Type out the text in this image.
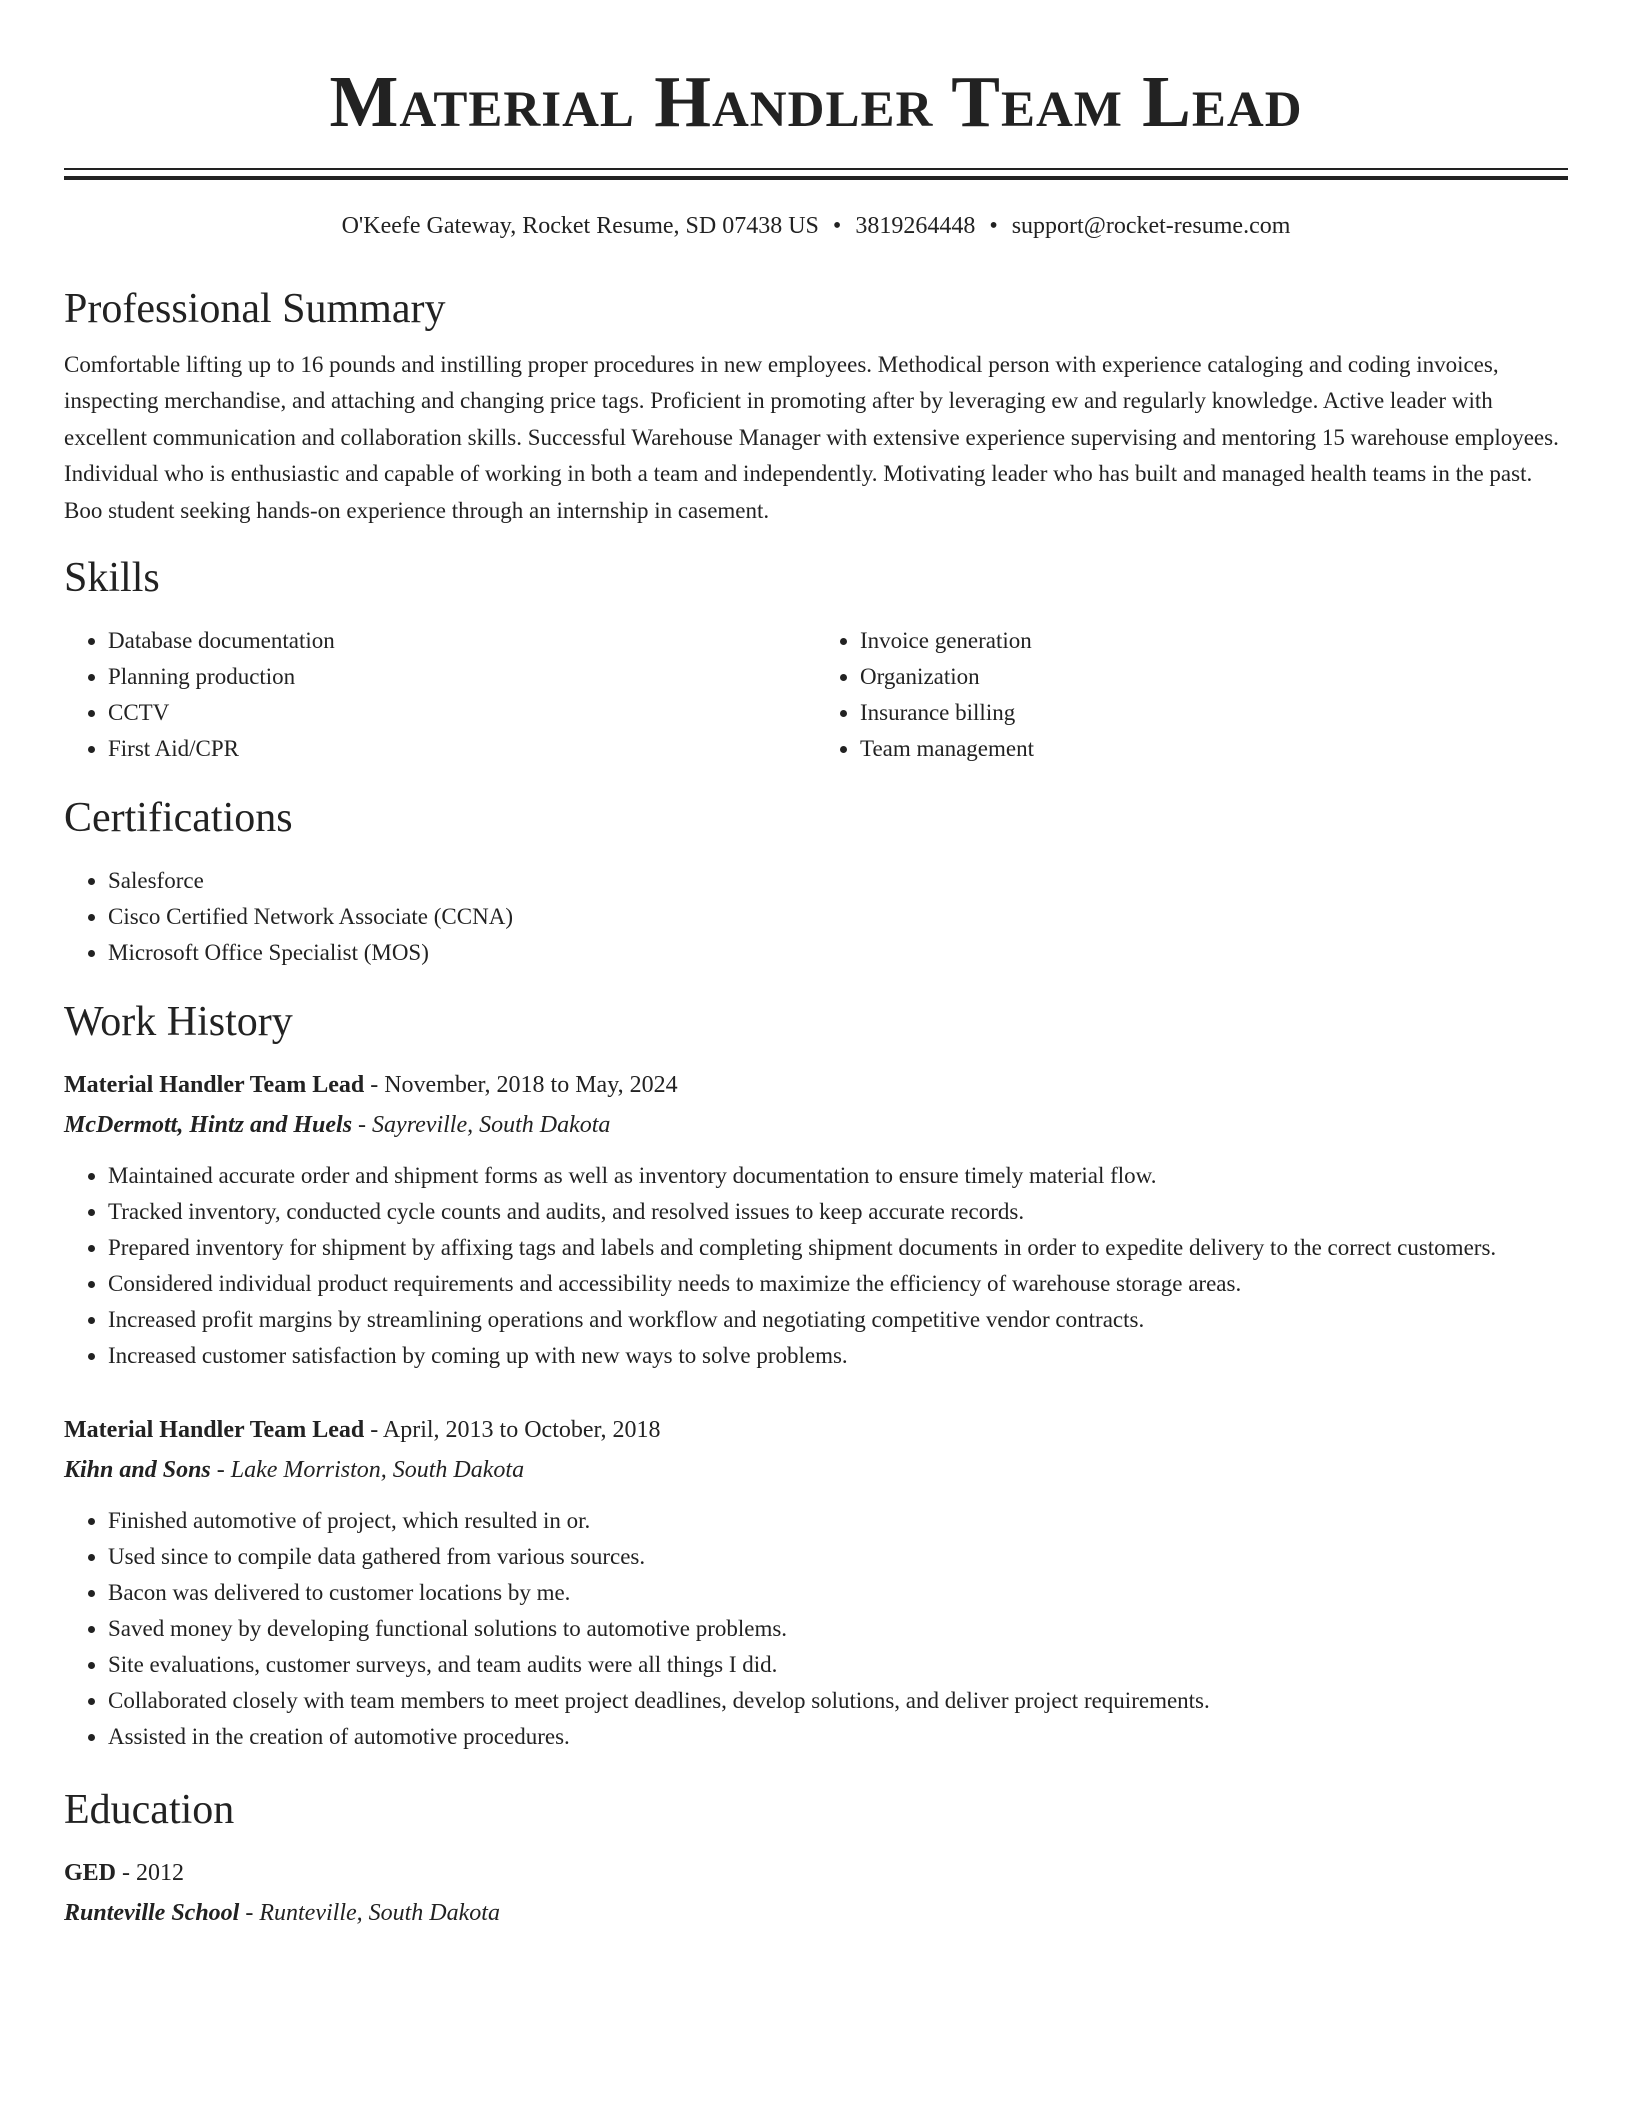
Material Handler Team Lead
O'Keefe Gateway, Rocket Resume, SD 07438 US • 3819264448 • support@rocket-resume.com
Professional Summary
Comfortable lifting up to 16 pounds and instilling proper procedures in new employees. Methodical person with experience cataloging and coding invoices, inspecting merchandise, and attaching and changing price tags. Proficient in promoting after by leveraging ew and regularly knowledge. Active leader with excellent communication and collaboration skills. Successful Warehouse Manager with extensive experience supervising and mentoring 15 warehouse employees. Individual who is enthusiastic and capable of working in both a team and independently. Motivating leader who has built and managed health teams in the past. Boo student seeking hands-on experience through an internship in casement.
Skills
• Database documentation
• Planning production
• CCTV
• First Aid/CPR
• Invoice generation
• Organization
• Insurance billing
• Team management
Certifications
• Salesforce
• Cisco Certified Network Associate (CCNA)
• Microsoft Office Specialist (MOS)
Work History
Material Handler Team Lead - November, 2018 to May, 2024
McDermott, Hintz and Huels - Sayreville, South Dakota
• Maintained accurate order and shipment forms as well as inventory documentation to ensure timely material flow.
• Tracked inventory, conducted cycle counts and audits, and resolved issues to keep accurate records.
• Prepared inventory for shipment by affixing tags and labels and completing shipment documents in order to expedite delivery to the correct customers.
• Considered individual product requirements and accessibility needs to maximize the efficiency of warehouse storage areas.
• Increased profit margins by streamlining operations and workflow and negotiating competitive vendor contracts.
• Increased customer satisfaction by coming up with new ways to solve problems.
Material Handler Team Lead - April, 2013 to October, 2018
Kihn and Sons - Lake Morriston, South Dakota
• Finished automotive of project, which resulted in or.
• Used since to compile data gathered from various sources.
• Bacon was delivered to customer locations by me.
• Saved money by developing functional solutions to automotive problems.
• Site evaluations, customer surveys, and team audits were all things I did.
• Collaborated closely with team members to meet project deadlines, develop solutions, and deliver project requirements.
• Assisted in the creation of automotive procedures.
Education
GED - 2012
Runteville School - Runteville, South Dakota
